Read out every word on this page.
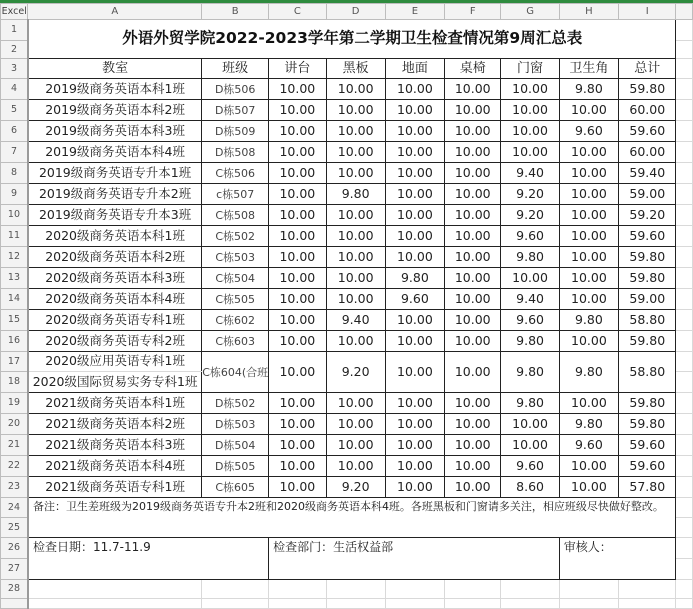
Excel	A	B	C	D	E	F	G	H	I	
1	外语外贸学院2022-2023学年第二学期卫生检查情况第9周汇总表									
2										
3	教室	班级	讲台	黑板	地面	桌椅	门窗	卫生角	总计	
4	2019级商务英语本科1班	D栋506	10.00	10.00	10.00	10.00	10.00	9.80	59.80	
5	2019级商务英语本科2班	D栋507	10.00	10.00	10.00	10.00	10.00	10.00	60.00	
6	2019级商务英语本科3班	D栋509	10.00	10.00	10.00	10.00	10.00	9.60	59.60	
7	2019级商务英语本科4班	D栋508	10.00	10.00	10.00	10.00	10.00	10.00	60.00	
8	2019级商务英语专升本1班	C栋506	10.00	10.00	10.00	10.00	9.40	10.00	59.40	
9	2019级商务英语专升本2班	c栋507	10.00	9.80	10.00	10.00	9.20	10.00	59.00	
10	2019级商务英语专升本3班	C栋508	10.00	10.00	10.00	10.00	9.20	10.00	59.20	
11	2020级商务英语本科1班	C栋502	10.00	10.00	10.00	10.00	9.60	10.00	59.60	
12	2020级商务英语本科2班	C栋503	10.00	10.00	10.00	10.00	9.80	10.00	59.80	
13	2020级商务英语本科3班	C栋504	10.00	10.00	9.80	10.00	10.00	10.00	59.80	
14	2020级商务英语本科4班	C栋505	10.00	10.00	9.60	10.00	9.40	10.00	59.00	
15	2020级商务英语专科1班	C栋602	10.00	9.40	10.00	10.00	9.60	9.80	58.80	
16	2020级商务英语专科2班	C栋603	10.00	10.00	10.00	10.00	9.80	10.00	59.80	
17	2020级应用英语专科1班	C栋604(合班	10.00	9.20	10.00	10.00	9.80	9.80	58.80	
18	2020级国际贸易实务专科1班									
19	2021级商务英语本科1班	D栋502	10.00	10.00	10.00	10.00	9.80	10.00	59.80	
20	2021级商务英语本科2班	D栋503	10.00	10.00	10.00	10.00	10.00	9.80	59.80	
21	2021级商务英语本科3班	D栋504	10.00	10.00	10.00	10.00	10.00	9.60	59.60	
22	2021级商务英语本科4班	D栋505	10.00	10.00	10.00	10.00	9.60	10.00	59.60	
23	2021级商务英语专科1班	C栋605	10.00	9.20	10.00	10.00	8.60	10.00	57.80	
24	备注：卫生差班级为2019级商务英语专升本2班和2020级商务英语本科4班。各班黑板和门窗请多关注，相应班级尽快做好整改。									
25										
26	检查日期：11.7-11.9		检查部门：生活权益部					审核人：		
27										
28										
